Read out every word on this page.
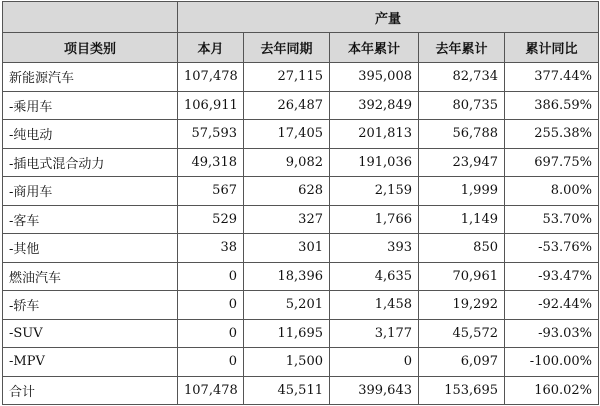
	产量				
项目类别	本月	去年同期	本年累计	去年累计	累计同比
新能源汽车	107,478	27,115	395,008	82,734	377.44%
-乘用车	106,911	26,487	392,849	80,735	386.59%
-纯电动	57,593	17,405	201,813	56,788	255.38%
-插电式混合动力	49,318	9,082	191,036	23,947	697.75%
-商用车	567	628	2,159	1,999	8.00%
-客车	529	327	1,766	1,149	53.70%
-其他	38	301	393	850	-53.76%
燃油汽车	0	18,396	4,635	70,961	-93.47%
-轿车	0	5,201	1,458	19,292	-92.44%
-SUV	0	11,695	3,177	45,572	-93.03%
-MPV	0	1,500	0	6,097	-100.00%
合计	107,478	45,511	399,643	153,695	160.02%
